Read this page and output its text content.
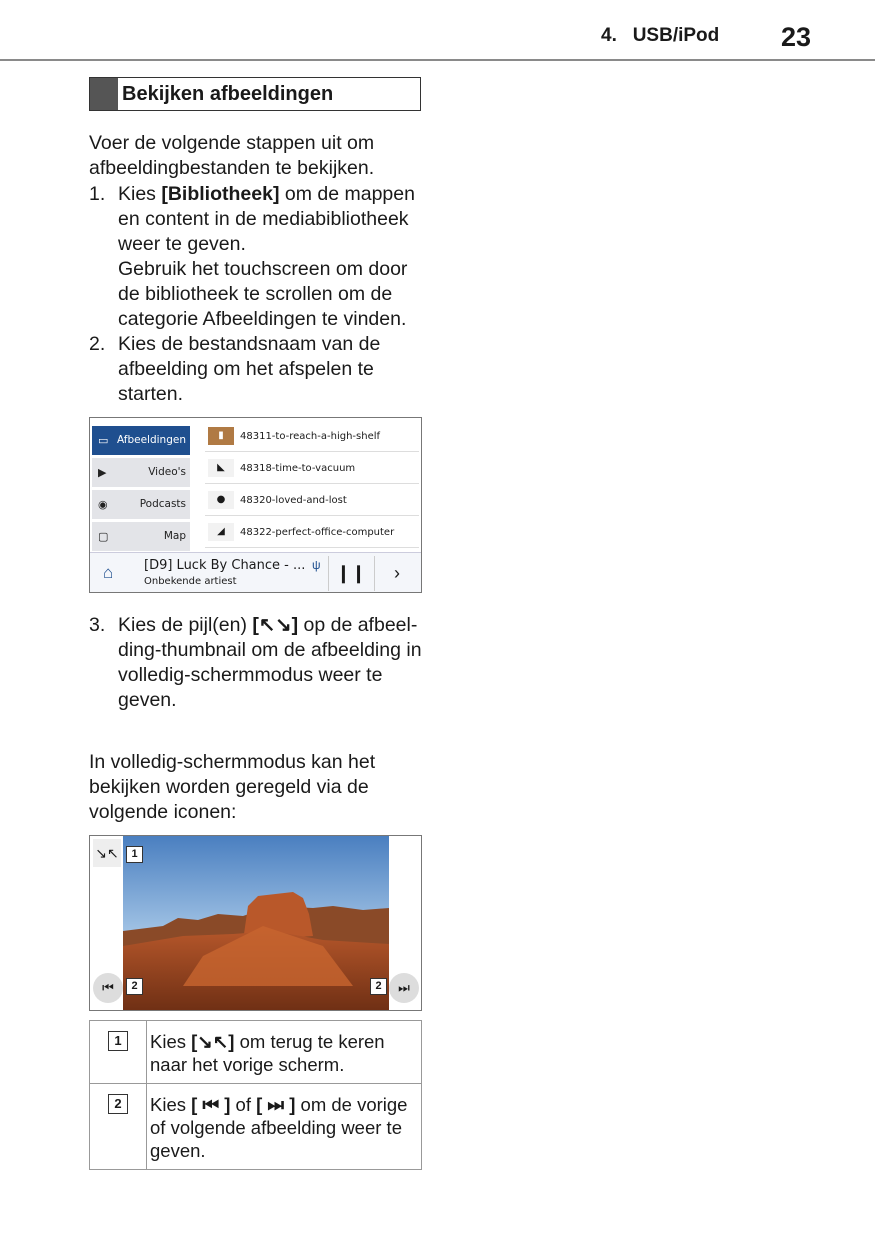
4. USB/iPod 23
Bekijken afbeeldingen
Voer de volgende stappen uit om afbeeldingbestanden te bekijken.
1. Kies [Bibliotheek] om de mappen en content in de mediabibliotheek weer te geven.
Gebruik het touchscreen om door de bibliotheek te scrollen om de categorie Afbeeldingen te vinden.
2. Kies de bestandsnaam van de afbeelding om het afspelen te starten.
▭ Afbeeldingen
▶	Video's
◉	Podcasts
▢	Map
▮	48311-to-reach-a-high-shelf
◣	48318-time-to-vacuum
●	48320-loved-and-lost
◢	48322-perfect-office-computer
⌂ [D9] Luck By Chance - ...
Onbekende artiest
ψ ❙❙	›
3. Kies de pijl(en) [↖↘] op de afbeel-ding-thumbnail om de afbeelding in volledig-schermmodus weer te geven.
In volledig-schermmodus kan het bekijken worden geregeld via de volgende iconen:
↘↖	1
⏮	2	⏭
2
1	Kies [↘↖] om terug te keren naar het vorige scherm.
2	Kies [ ⏮ ] of [ ⏭ ] om de vorige of volgende afbeelding weer te geven.
